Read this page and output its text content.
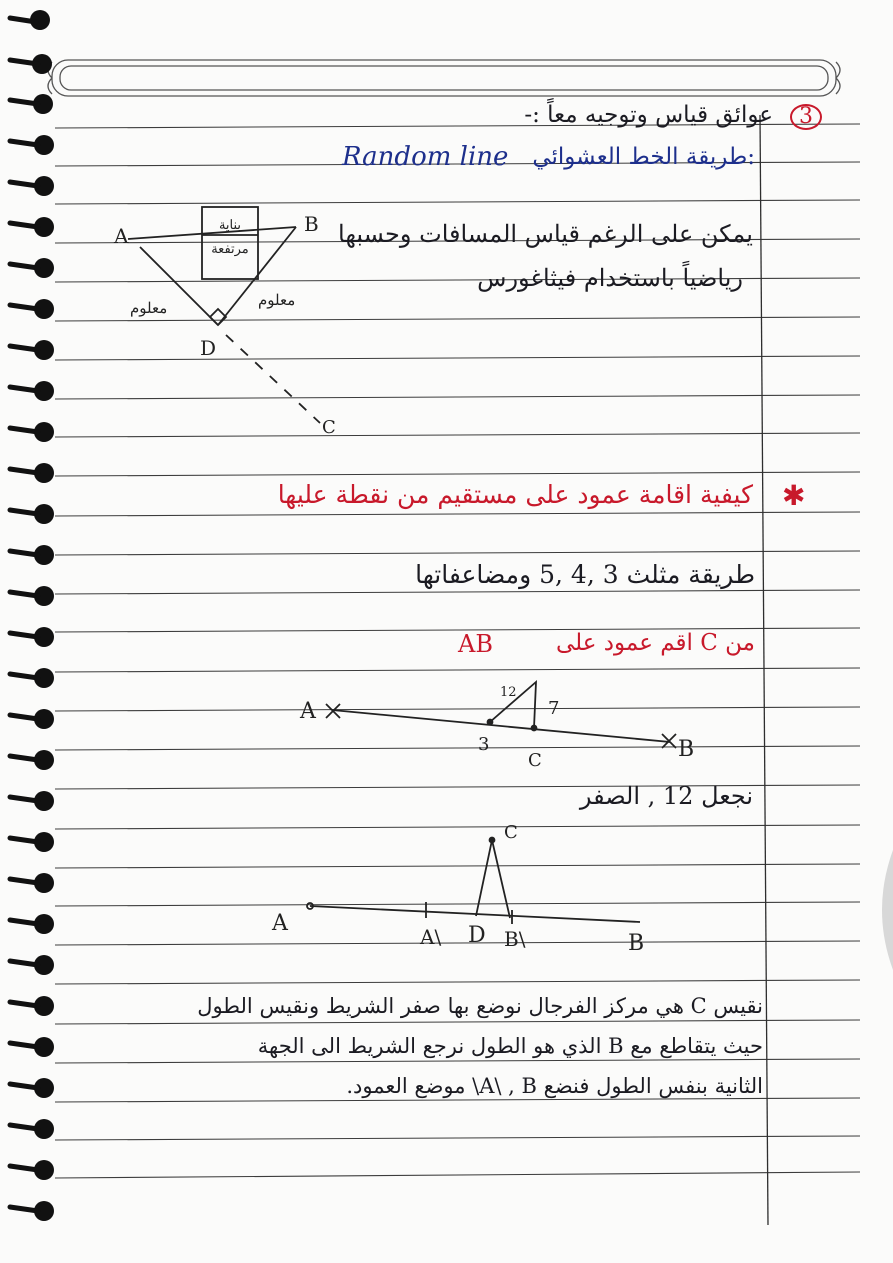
عوائق قياس وتوجيه معاً :-	3
:طريقة الخط العشوائي
Random line
يمكن على الرغم قياس المسافات وحسبها
رياضياً باستخدام فيثاغورس
A	B
D
C
بناية
مرتفعة
معلوم	معلوم
كيفية اقامة عمود على مستقيم من نقطة عليها ✱
طريقة مثلث 3 ,4 ,5 ومضاعفاتها
من C اقم عمود على
AB
A
B
12
7
3
C
نجعل 12 , الصفر
A
C
A\ D B\	B
نقيس C هي مركز الفرجال نوضع بها صفر الشريط ونقيس الطول
حيث يتقاطع مع B الذي هو الطول نرجع الشريط الى الجهة
الثانية بنفس الطول فنضع A\ , B\ موضع العمود.
